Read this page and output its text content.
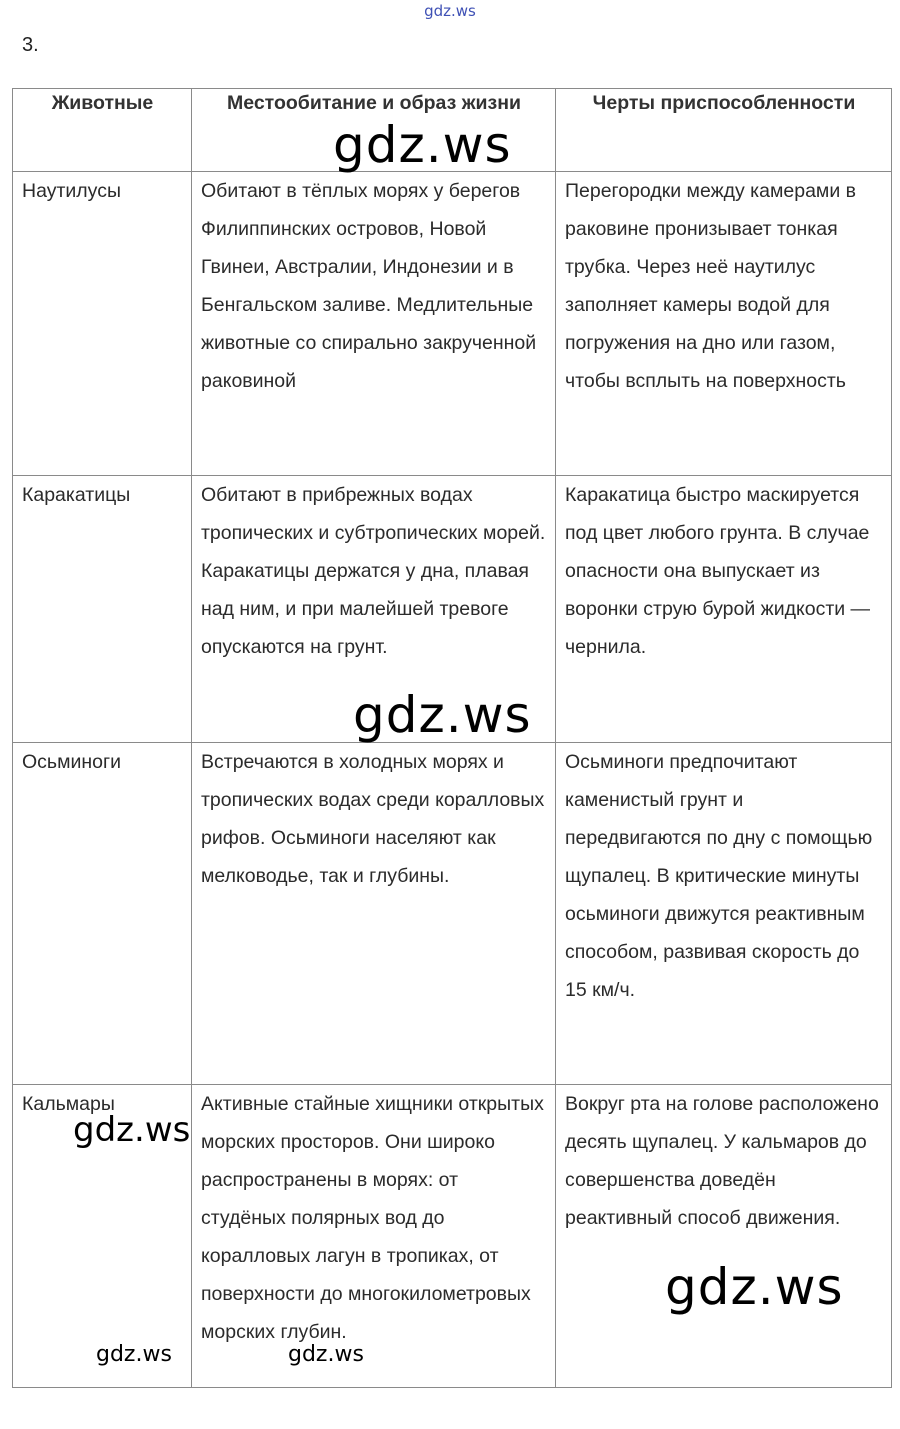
gdz.ws
3.
Животные	Местообитание и образ жизни	Черты приспособленности
Наутилусы	Обитают в тёплых морях у берегов Филиппинских островов, Новой Гвинеи, Австралии, Индонезии и в Бенгальском заливе. Медлительные животные со спирально закрученной раковиной	Перегородки между камерами в раковине пронизывает тонкая трубка. Через неё наутилус заполняет камеры водой для погружения на дно или газом, чтобы всплыть на поверхность
Каракатицы	Обитают в прибрежных водах тропических и субтропических морей. Каракатицы держатся у дна, плавая над ним, и при малейшей тревоге опускаются на грунт.	Каракатица быстро маскируется под цвет любого грунта. В случае опасности она выпускает из воронки струю бурой жидкости — чернила.
Осьминоги	Встречаются в холодных морях и тропических водах среди коралловых рифов. Осьминоги населяют как мелководье, так и глубины.	Осьминоги предпочитают каменистый грунт и передвигаются по дну с помощью щупалец. В критические минуты осьминоги движутся реактивным способом, развивая скорость до 15 км/ч.
Кальмары	Активные стайные хищники открытых морских просторов. Они широко распространены в морях: от студёных полярных вод до коралловых лагун в тропиках, от поверхности до многокилометровых морских глубин.	Вокруг рта на голове расположено десять щупалец. У кальмаров до совершенства доведён реактивный способ движения.
gdz.ws
gdz.ws
gdz.ws
gdz.ws
gdz.ws	gdz.ws
